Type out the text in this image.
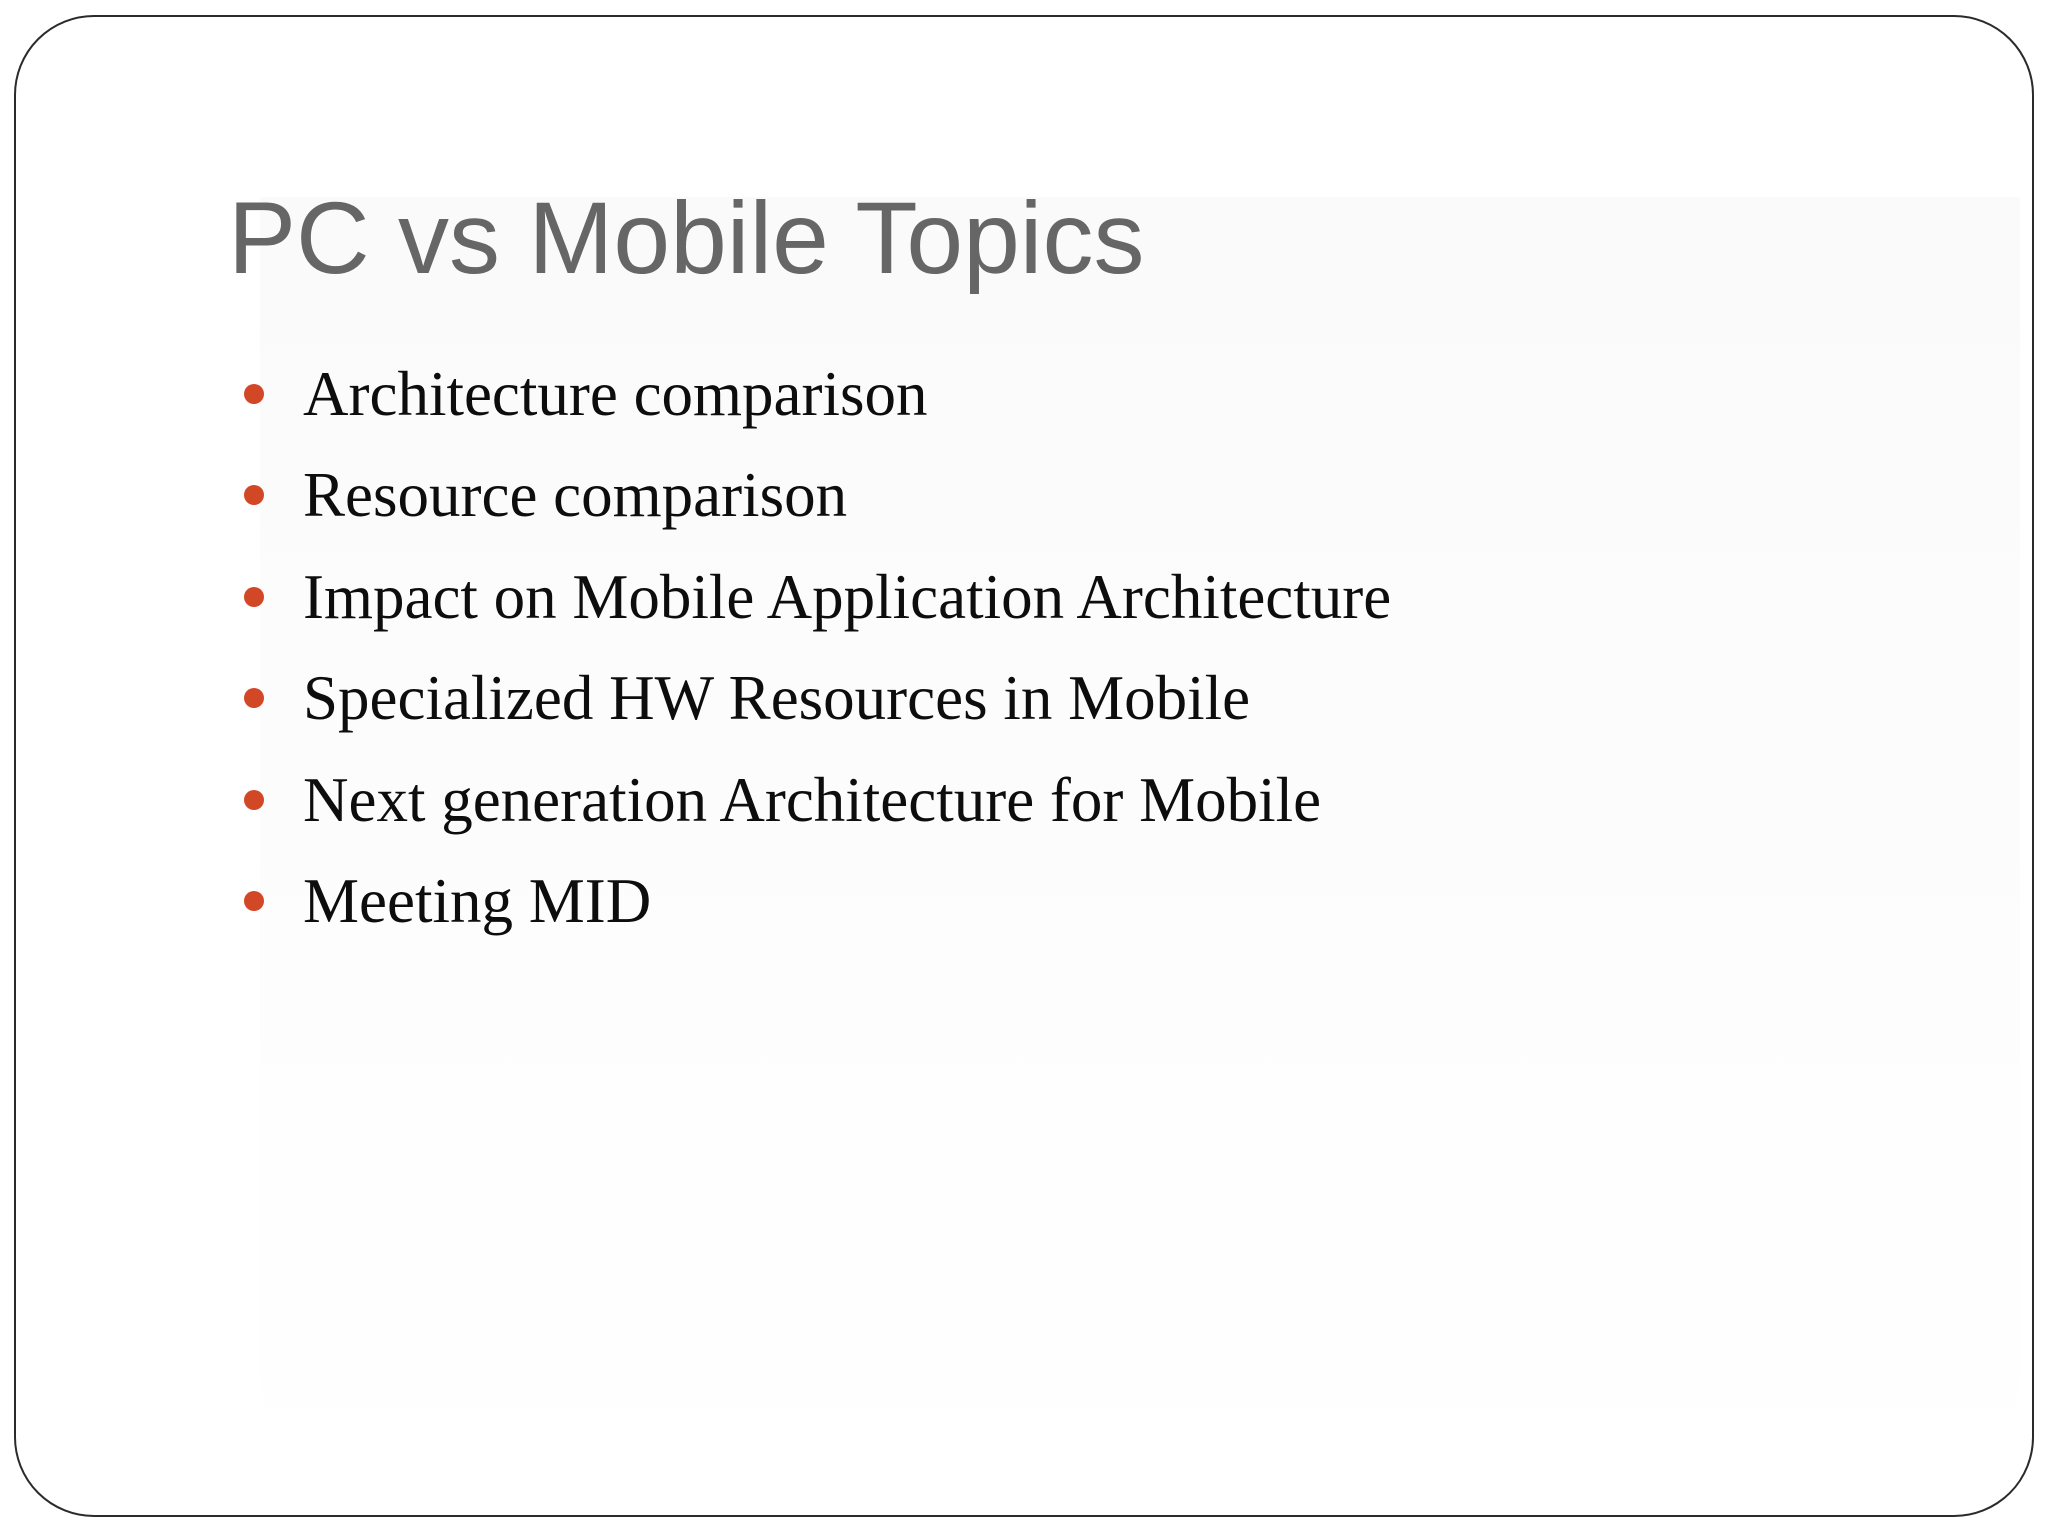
PC vs Mobile Topics
Architecture comparison
Resource comparison
Impact on Mobile Application Architecture
Specialized HW Resources in Mobile
Next generation Architecture for Mobile
Meeting MID
